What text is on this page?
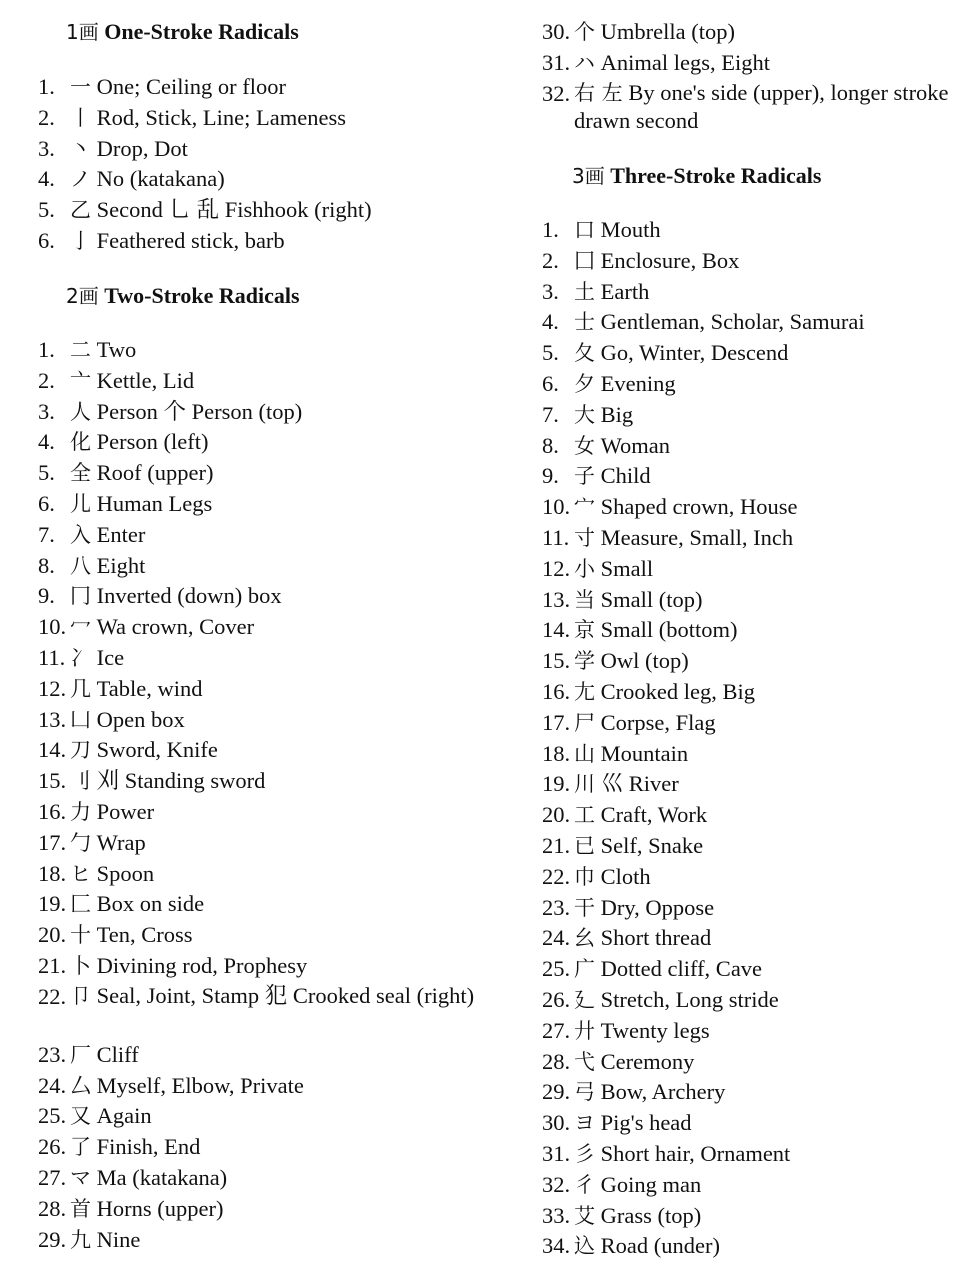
1画 One-Stroke Radicals
1. 一 One; Ceiling or floor
2. 丨 Rod, Stick, Line; Lameness
3. 丶 Drop, Dot
4. ノ No (katakana)
5. 乙 Second 乚 乱 Fishhook (right)
6. 亅 Feathered stick, barb
2画 Two-Stroke Radicals
1. 二 Two
2. 亠 Kettle, Lid
3. 人 Person 个 Person (top)
4. 化 Person (left)
5. 全 Roof (upper)
6. 儿 Human Legs
7. 入 Enter
8. 八 Eight
9. 冂 Inverted (down) box
10. 冖 Wa crown, Cover
11. 冫 Ice
12. 几 Table, wind
13. 凵 Open box
14. 刀 Sword, Knife
15. 刂 刈 Standing sword
16. 力 Power
17. 勹 Wrap
18. ヒ Spoon
19. 匚 Box on side
20. 十 Ten, Cross
21. 卜 Divining rod, Prophesy
22. 卩 Seal, Joint, Stamp 犯 Crooked seal (right)
23. 厂 Cliff
24. 厶 Myself, Elbow, Private
25. 又 Again
26. 了 Finish, End
27. マ Ma (katakana)
28. 首 Horns (upper)
29. 九 Nine
30. 个 Umbrella (top)
31. ハ Animal legs, Eight
32. 右 左 By one's side (upper), longer stroke drawn second
3画 Three-Stroke Radicals
1. 口 Mouth
2. 囗 Enclosure, Box
3. 土 Earth
4. 士 Gentleman, Scholar, Samurai
5. 夂 Go, Winter, Descend
6. 夕 Evening
7. 大 Big
8. 女 Woman
9. 子 Child
10. 宀 Shaped crown, House
11. 寸 Measure, Small, Inch
12. 小 Small
13. 当 Small (top)
14. 京 Small (bottom)
15. 学 Owl (top)
16. 尢 Crooked leg, Big
17. 尸 Corpse, Flag
18. 山 Mountain
19. 川 巛 River
20. 工 Craft, Work
21. 已 Self, Snake
22. 巾 Cloth
23. 干 Dry, Oppose
24. 幺 Short thread
25. 广 Dotted cliff, Cave
26. 廴 Stretch, Long stride
27. 廾 Twenty legs
28. 弋 Ceremony
29. 弓 Bow, Archery
30. ヨ Pig's head
31. 彡 Short hair, Ornament
32. 彳 Going man
33. 艾 Grass (top)
34. 込 Road (under)
